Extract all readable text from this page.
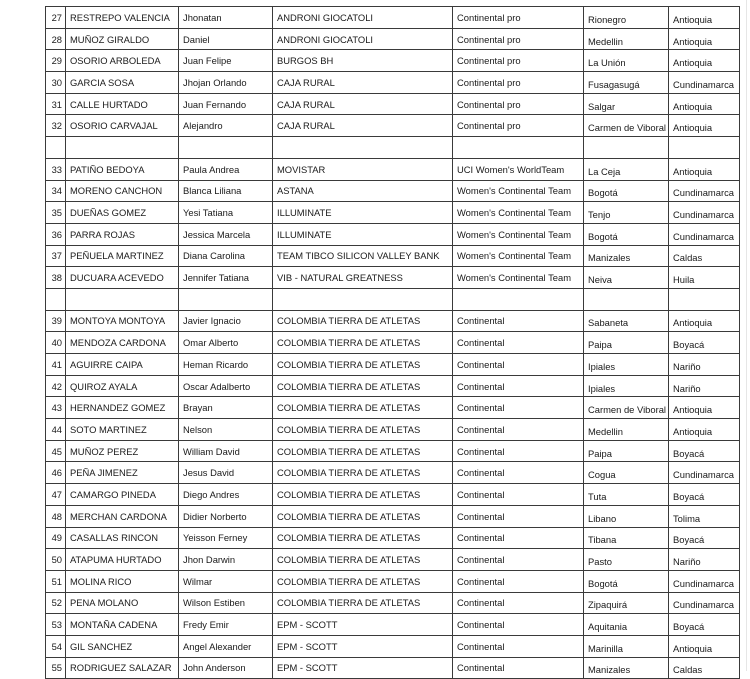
27	RESTREPO VALENCIA	Jhonatan	ANDRONI GIOCATOLI	Continental pro	Rionegro	Antioquia
28	MUÑOZ GIRALDO	Daniel	ANDRONI GIOCATOLI	Continental pro	Medellin	Antioquia
29	OSORIO ARBOLEDA	Juan Felipe	BURGOS BH	Continental pro	La Unión	Antioquia
30	GARCIA SOSA	Jhojan Orlando	CAJA RURAL	Continental pro	Fusagasugá	Cundinamarca
31	CALLE HURTADO	Juan Fernando	CAJA RURAL	Continental pro	Salgar	Antioquia
32	OSORIO CARVAJAL	Alejandro	CAJA RURAL	Continental pro	Carmen de Viboral	Antioquia

33	PATIÑO BEDOYA	Paula Andrea	MOVISTAR	UCI Women's WorldTeam	La Ceja	Antioquia
34	MORENO CANCHON	Blanca Liliana	ASTANA	Women's Continental Team	Bogotá	Cundinamarca
35	DUEÑAS GOMEZ	Yesi Tatiana	ILLUMINATE	Women's Continental Team	Tenjo	Cundinamarca
36	PARRA ROJAS	Jessica Marcela	ILLUMINATE	Women's Continental Team	Bogotá	Cundinamarca
37	PEÑUELA MARTINEZ	Diana Carolina	TEAM TIBCO SILICON VALLEY BANK	Women's Continental Team	Manizales	Caldas
38	DUCUARA ACEVEDO	Jennifer Tatiana	VIB - NATURAL GREATNESS	Women's Continental Team	Neiva	Huila

39	MONTOYA MONTOYA	Javier Ignacio	COLOMBIA TIERRA DE ATLETAS	Continental	Sabaneta	Antioquia
40	MENDOZA CARDONA	Omar Alberto	COLOMBIA TIERRA DE ATLETAS	Continental	Paipa	Boyacá
41	AGUIRRE CAIPA	Heman Ricardo	COLOMBIA TIERRA DE ATLETAS	Continental	Ipiales	Nariño
42	QUIROZ AYALA	Oscar Adalberto	COLOMBIA TIERRA DE ATLETAS	Continental	Ipiales	Nariño
43	HERNANDEZ GOMEZ	Brayan	COLOMBIA TIERRA DE ATLETAS	Continental	Carmen de Viboral	Antioquia
44	SOTO MARTINEZ	Nelson	COLOMBIA TIERRA DE ATLETAS	Continental	Medellin	Antioquia
45	MUÑOZ PEREZ	William David	COLOMBIA TIERRA DE ATLETAS	Continental	Paipa	Boyacá
46	PEÑA JIMENEZ	Jesus David	COLOMBIA TIERRA DE ATLETAS	Continental	Cogua	Cundinamarca
47	CAMARGO PINEDA	Diego Andres	COLOMBIA TIERRA DE ATLETAS	Continental	Tuta	Boyacá
48	MERCHAN CARDONA	Didier Norberto	COLOMBIA TIERRA DE ATLETAS	Continental	Libano	Tolima
49	CASALLAS RINCON	Yeisson Ferney	COLOMBIA TIERRA DE ATLETAS	Continental	Tibana	Boyacá
50	ATAPUMA HURTADO	Jhon Darwin	COLOMBIA TIERRA DE ATLETAS	Continental	Pasto	Nariño
51	MOLINA RICO	Wilmar	COLOMBIA TIERRA DE ATLETAS	Continental	Bogotá	Cundinamarca
52	PENA MOLANO	Wilson Estiben	COLOMBIA TIERRA DE ATLETAS	Continental	Zipaquirá	Cundinamarca
53	MONTAÑA CADENA	Fredy Emir	EPM - SCOTT	Continental	Aquitania	Boyacá
54	GIL SANCHEZ	Angel Alexander	EPM - SCOTT	Continental	Marinilla	Antioquia
55	RODRIGUEZ SALAZAR	John Anderson	EPM - SCOTT	Continental	Manizales	Caldas
